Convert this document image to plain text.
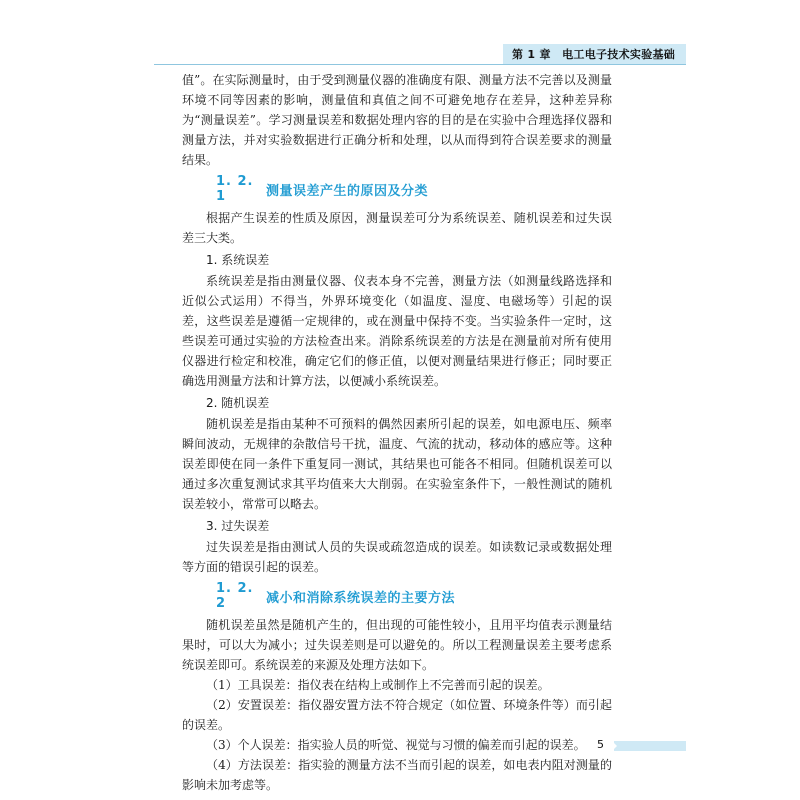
第 1 章　电工电子技术实验基础

值”。在实际测量时，由于受到测量仪器的准确度有限、测量方法不完善以及测量环境不同等因素的影响，测量值和真值之间不可避免地存在差异，这种差异称为“测量误差”。学习测量误差和数据处理内容的目的是在实验中合理选择仪器和测量方法，并对实验数据进行正确分析和处理，以从而得到符合误差要求的测量结果。

1. 2. 1	测量误差产生的原因及分类

根据产生误差的性质及原因，测量误差可分为系统误差、随机误差和过失误差三大类。

1. 系统误差

系统误差是指由测量仪器、仪表本身不完善，测量方法（如测量线路选择和近似公式运用）不得当，外界环境变化（如温度、湿度、电磁场等）引起的误差，这些误差是遵循一定规律的，或在测量中保持不变。当实验条件一定时，这些误差可通过实验的方法检查出来。消除系统误差的方法是在测量前对所有使用仪器进行检定和校准，确定它们的修正值，以便对测量结果进行修正；同时要正确选用测量方法和计算方法，以便减小系统误差。

2. 随机误差

随机误差是指由某种不可预料的偶然因素所引起的误差，如电源电压、频率瞬间波动，无规律的杂散信号干扰，温度、气流的扰动，移动体的感应等。这种误差即使在同一条件下重复同一测试，其结果也可能各不相同。但随机误差可以通过多次重复测试求其平均值来大大削弱。在实验室条件下，一般性测试的随机误差较小，常常可以略去。

3. 过失误差

过失误差是指由测试人员的失误或疏忽造成的误差。如读数记录或数据处理等方面的错误引起的误差。

1. 2. 2	减小和消除系统误差的主要方法

随机误差虽然是随机产生的，但出现的可能性较小，且用平均值表示测量结果时，可以大为减小；过失误差则是可以避免的。所以工程测量误差主要考虑系统误差即可。系统误差的来源及处理方法如下。

（1）工具误差：指仪表在结构上或制作上不完善而引起的误差。

（2）安置误差：指仪器安置方法不符合规定（如位置、环境条件等）而引起的误差。

（3）个人误差：指实验人员的听觉、视觉与习惯的偏差而引起的误差。

（4）方法误差：指实验的测量方法不当而引起的误差，如电表内阻对测量的影响未加考虑等。

5
